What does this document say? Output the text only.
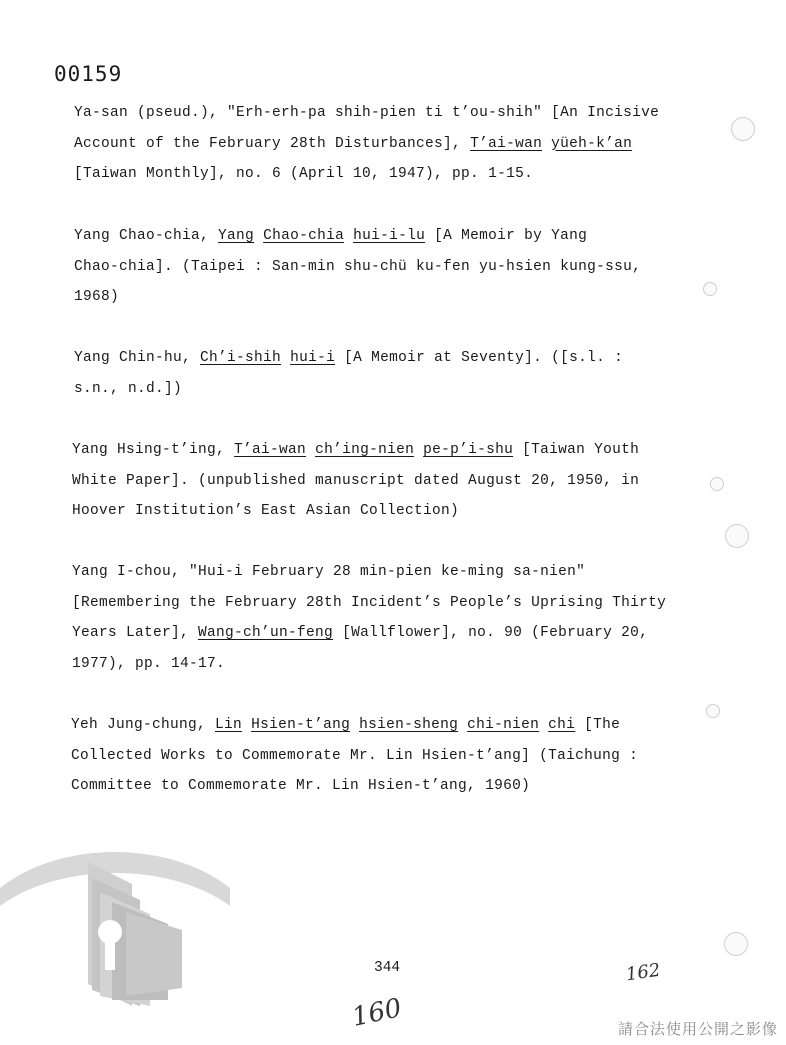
00159
Ya-san (pseud.), "Erh-erh-pa shih-pien ti t’ou-shih" [An Incisive
Account of the February 28th Disturbances], T’ai-wan yüeh-k’an
[Taiwan Monthly], no. 6 (April 10, 1947), pp. 1-15.
Yang Chao-chia, Yang Chao-chia hui-i-lu [A Memoir by Yang
Chao-chia]. (Taipei : San-min shu-chü ku-fen yu-hsien kung-ssu,
1968)
Yang Chin-hu, Ch’i-shih hui-i [A Memoir at Seventy]. ([s.l. :
s.n., n.d.])
Yang Hsing-t’ing, T’ai-wan ch’ing-nien pe-p’i-shu [Taiwan Youth
White Paper]. (unpublished manuscript dated August 20, 1950, in
Hoover Institution’s East Asian Collection)
Yang I-chou, "Hui-i February 28 min-pien ke-ming sa-nien"
[Remembering the February 28th Incident’s People’s Uprising Thirty
Years Later], Wang-ch’un-feng [Wallflower], no. 90 (February 20,
1977), pp. 14-17.
Yeh Jung-chung, Lin Hsien-t’ang hsien-sheng chi-nien chi [The
Collected Works to Commemorate Mr. Lin Hsien-t’ang] (Taichung :
Committee to Commemorate Mr. Lin Hsien-t’ang, 1960)
344	162
160	請合法使用公開之影像
